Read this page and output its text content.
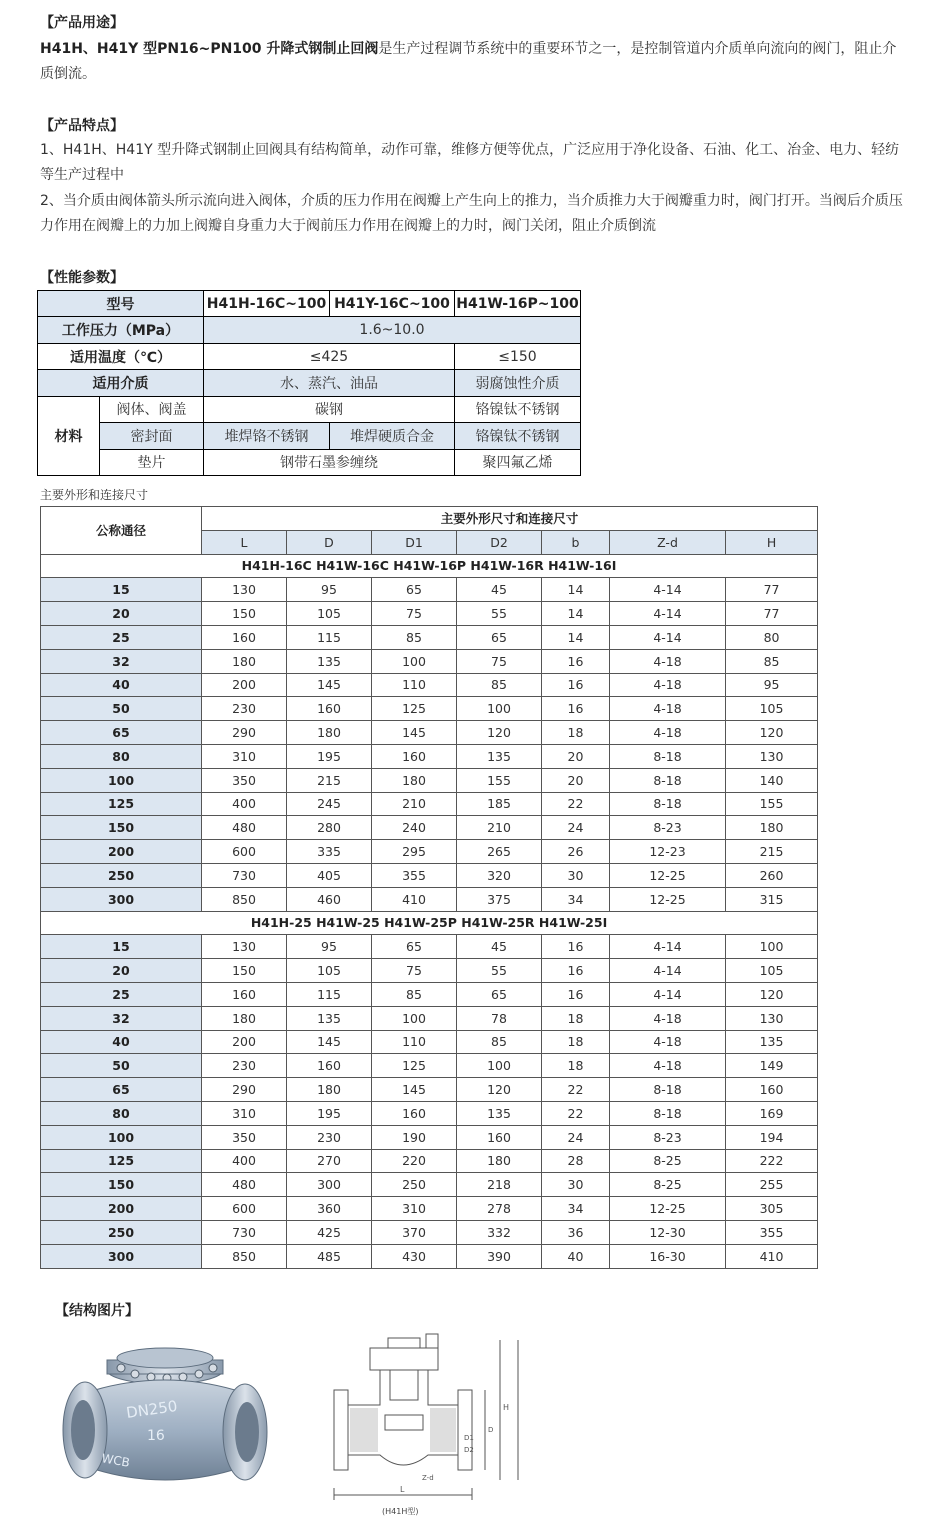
【产品用途】
H41H、H41Y 型PN16~PN100 升降式钢制止回阀是生产过程调节系统中的重要环节之一，是控制管道内介质单向流向的阀门，阻止介质倒流。
【产品特点】
1、H41H、H41Y 型升降式钢制止回阀具有结构简单，动作可靠，维修方便等优点，广泛应用于净化设备、石油、化工、冶金、电力、轻纺等生产过程中
2、当介质由阀体箭头所示流向进入阀体，介质的压力作用在阀瓣上产生向上的推力，当介质推力大于阀瓣重力时，阀门打开。当阀后介质压力作用在阀瓣上的力加上阀瓣自身重力大于阀前压力作用在阀瓣上的力时，阀门关闭，阻止介质倒流
【性能参数】
型号		H41H-16C~100	H41Y-16C~100	H41W-16P~100
工作压力（MPa）		1.6~10.0		
适用温度（℃）		≤425		≤150
适用介质		水、蒸汽、油品		弱腐蚀性介质
材料	阀体、阀盖	碳钢		铬镍钛不锈钢
	密封面	堆焊铬不锈钢	堆焊硬质合金	铬镍钛不锈钢
	垫片	钢带石墨参缠绕		聚四氟乙烯
主要外形和连接尺寸
公称通径	主要外形尺寸和连接尺寸						
	L	D	D1	D2	b	Z-d	H
H41H-16C H41W-16C H41W-16P H41W-16R H41W-16I							
15	130	95	65	45	14	4-14	77
20	150	105	75	55	14	4-14	77
25	160	115	85	65	14	4-14	80
32	180	135	100	75	16	4-18	85
40	200	145	110	85	16	4-18	95
50	230	160	125	100	16	4-18	105
65	290	180	145	120	18	4-18	120
80	310	195	160	135	20	8-18	130
100	350	215	180	155	20	8-18	140
125	400	245	210	185	22	8-18	155
150	480	280	240	210	24	8-23	180
200	600	335	295	265	26	12-23	215
250	730	405	355	320	30	12-25	260
300	850	460	410	375	34	12-25	315
H41H-25 H41W-25 H41W-25P H41W-25R H41W-25I							
15	130	95	65	45	16	4-14	100
20	150	105	75	55	16	4-14	105
25	160	115	85	65	16	4-14	120
32	180	135	100	78	18	4-18	130
40	200	145	110	85	18	4-18	135
50	230	160	125	100	18	4-18	149
65	290	180	145	120	22	8-18	160
80	310	195	160	135	22	8-18	169
100	350	230	190	160	24	8-23	194
125	400	270	220	180	28	8-25	222
150	480	300	250	218	30	8-25	255
200	600	360	310	278	34	12-25	305
250	730	425	370	332	36	12-30	355
300	850	485	430	390	40	16-30	410
【结构图片】
DN250
16
WCB
H
L
D
D1
D2
Z-d
(H41H型)
